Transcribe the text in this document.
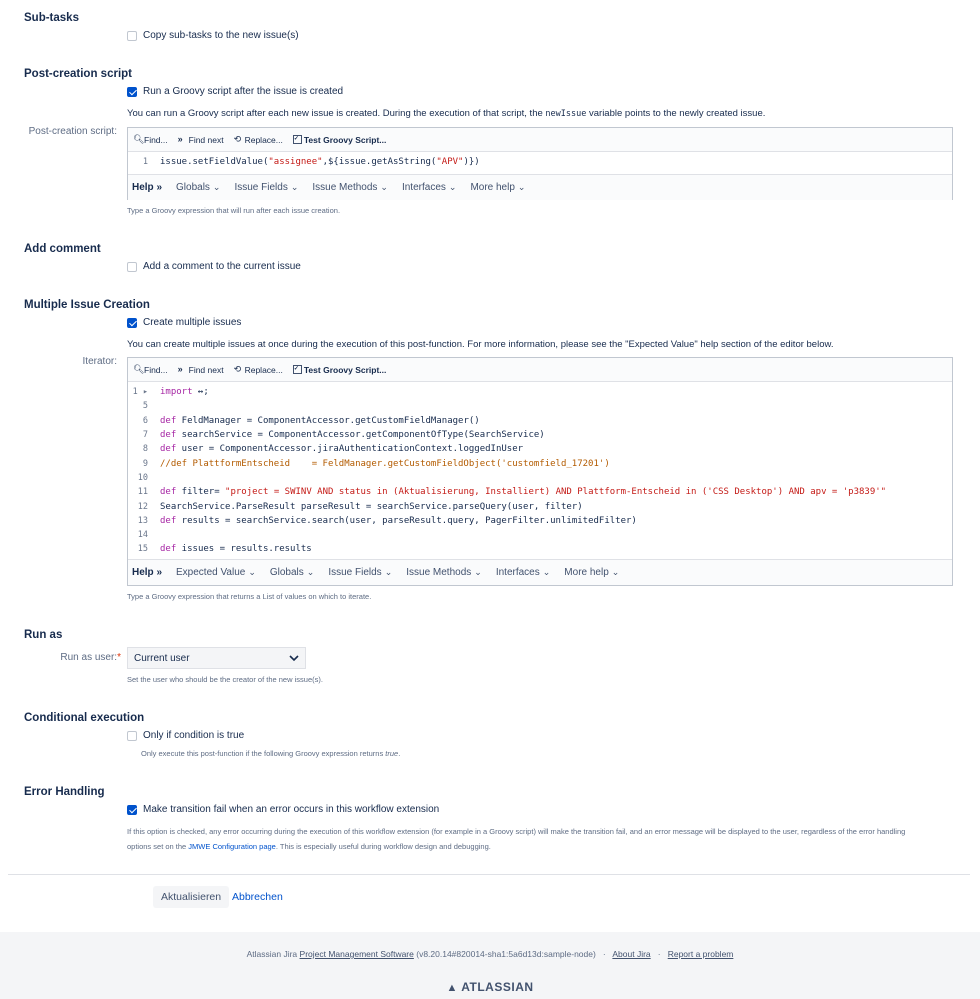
Sub-tasks
Copy sub-tasks to the new issue(s)
Post-creation script
Run a Groovy script after the issue is created
You can run a Groovy script after each new issue is created. During the execution of that script, the newIssue variable points to the newly created issue.
Post-creation script:
🔍︎ Find... » Find next ⟲ Replace... ✓ Test Groovy Script...
1	issue.setFieldValue("assignee",${issue.getAsString("APV")})
Help » Globals ⌄ Issue Fields ⌄ Issue Methods ⌄ Interfaces ⌄ More help ⌄
Type a Groovy expression that will run after each issue creation.
Add comment
Add a comment to the current issue
Multiple Issue Creation
Create multiple issues
You can create multiple issues at once during the execution of this post-function. For more information, please see the "Expected Value" help section of the editor below.
Iterator:
🔍︎ Find... » Find next ⟲ Replace... ✓ Test Groovy Script...
1 ▸	import ↔;
5
6	def FeldManager = ComponentAccessor.getCustomFieldManager()
7	def searchService = ComponentAccessor.getComponentOfType(SearchService)
8	def user = ComponentAccessor.jiraAuthenticationContext.loggedInUser
9	//def PlattformEntscheid    = FeldManager.getCustomFieldObject('customfield_17201')
10
11	def filter= "project = SWINV AND status in (Aktualisierung, Installiert) AND Plattform-Entscheid in ('CSS Desktop') AND apv = 'p3839'"
12	SearchService.ParseResult parseResult = searchService.parseQuery(user, filter)
13	def results = searchService.search(user, parseResult.query, PagerFilter.unlimitedFilter)
14
15	def issues = results.results
Help » Expected Value ⌄ Globals ⌄ Issue Fields ⌄ Issue Methods ⌄ Interfaces ⌄ More help ⌄
Type a Groovy expression that returns a List of values on which to iterate.
Run as
Run as user:* Current user
Set the user who should be the creator of the new issue(s).
Conditional execution
Only if condition is true
Only execute this post-function if the following Groovy expression returns true.
Error Handling
Make transition fail when an error occurs in this workflow extension
If this option is checked, any error occurring during the execution of this workflow extension (for example in a Groovy script) will make the transition fail, and an error message will be displayed to the user, regardless of the error handling
options set on the JMWE Configuration page. This is especially useful during workflow design and debugging.
Aktualisieren	Abbrechen
Atlassian Jira Project Management Software (v8.20.14#820014-sha1:5a6d13d:sample-node) · About Jira · Report a problem
▲ ATLASSIAN
